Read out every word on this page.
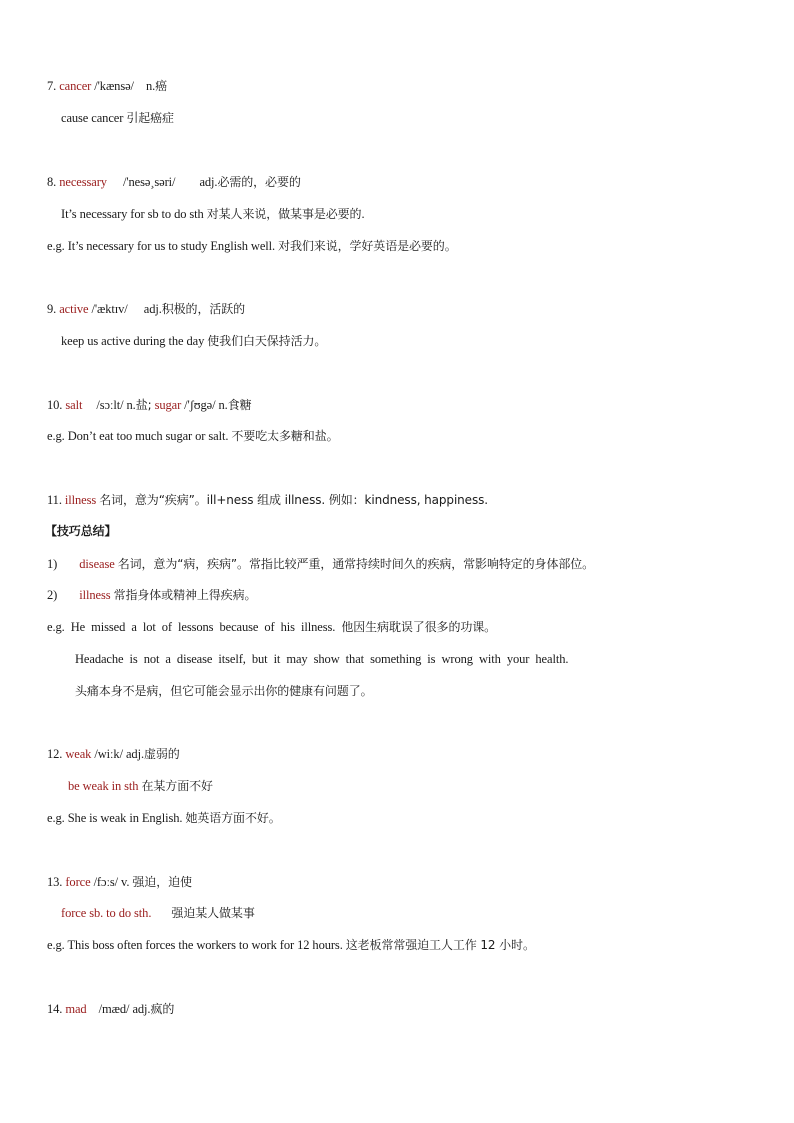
7. cancer /'kænsə/ n.癌
cause cancer 引起癌症
8. necessary /'nesə¸səri/ adj.必需的，必要的
It’s necessary for sb to do sth 对某人来说，做某事是必要的.
e.g. It’s necessary for us to study English well. 对我们来说，学好英语是必要的。
9. active /'æktɪv/ adj.积极的，活跃的
keep us active during the day 使我们白天保持活力。
10. salt /sɔːlt/ n.盐; sugar /'ʃʊgə/ n.食糖
e.g. Don’t eat too much sugar or salt. 不要吃太多糖和盐。
11. illness 名词，意为“疾病”。ill+ness 组成 illness. 例如：kindness, happiness.
【技巧总结】
1) disease 名词，意为“病，疾病”。常指比较严重，通常持续时间久的疾病，常影响特定的身体部位。
2) illness 常指身体或精神上得疾病。
e.g. He  missed  a  lot  of  lessons  because  of  his  illness. 他因生病耽误了很多的功课。
Headache  is  not  a  disease  itself,  but  it  may  show  that  something  is  wrong  with  your  health.
头痛本身不是病，但它可能会显示出你的健康有问题了。
12. weak /wiːk/ adj.虚弱的
be weak in sth 在某方面不好
e.g. She is weak in English. 她英语方面不好。
13. force /fɔːs/ v. 强迫，迫使
force sb. to do sth. 强迫某人做某事
e.g. This boss often forces the workers to work for 12 hours. 这老板常常强迫工人工作 12 小时。
14. mad /mæd/ adj.疯的
